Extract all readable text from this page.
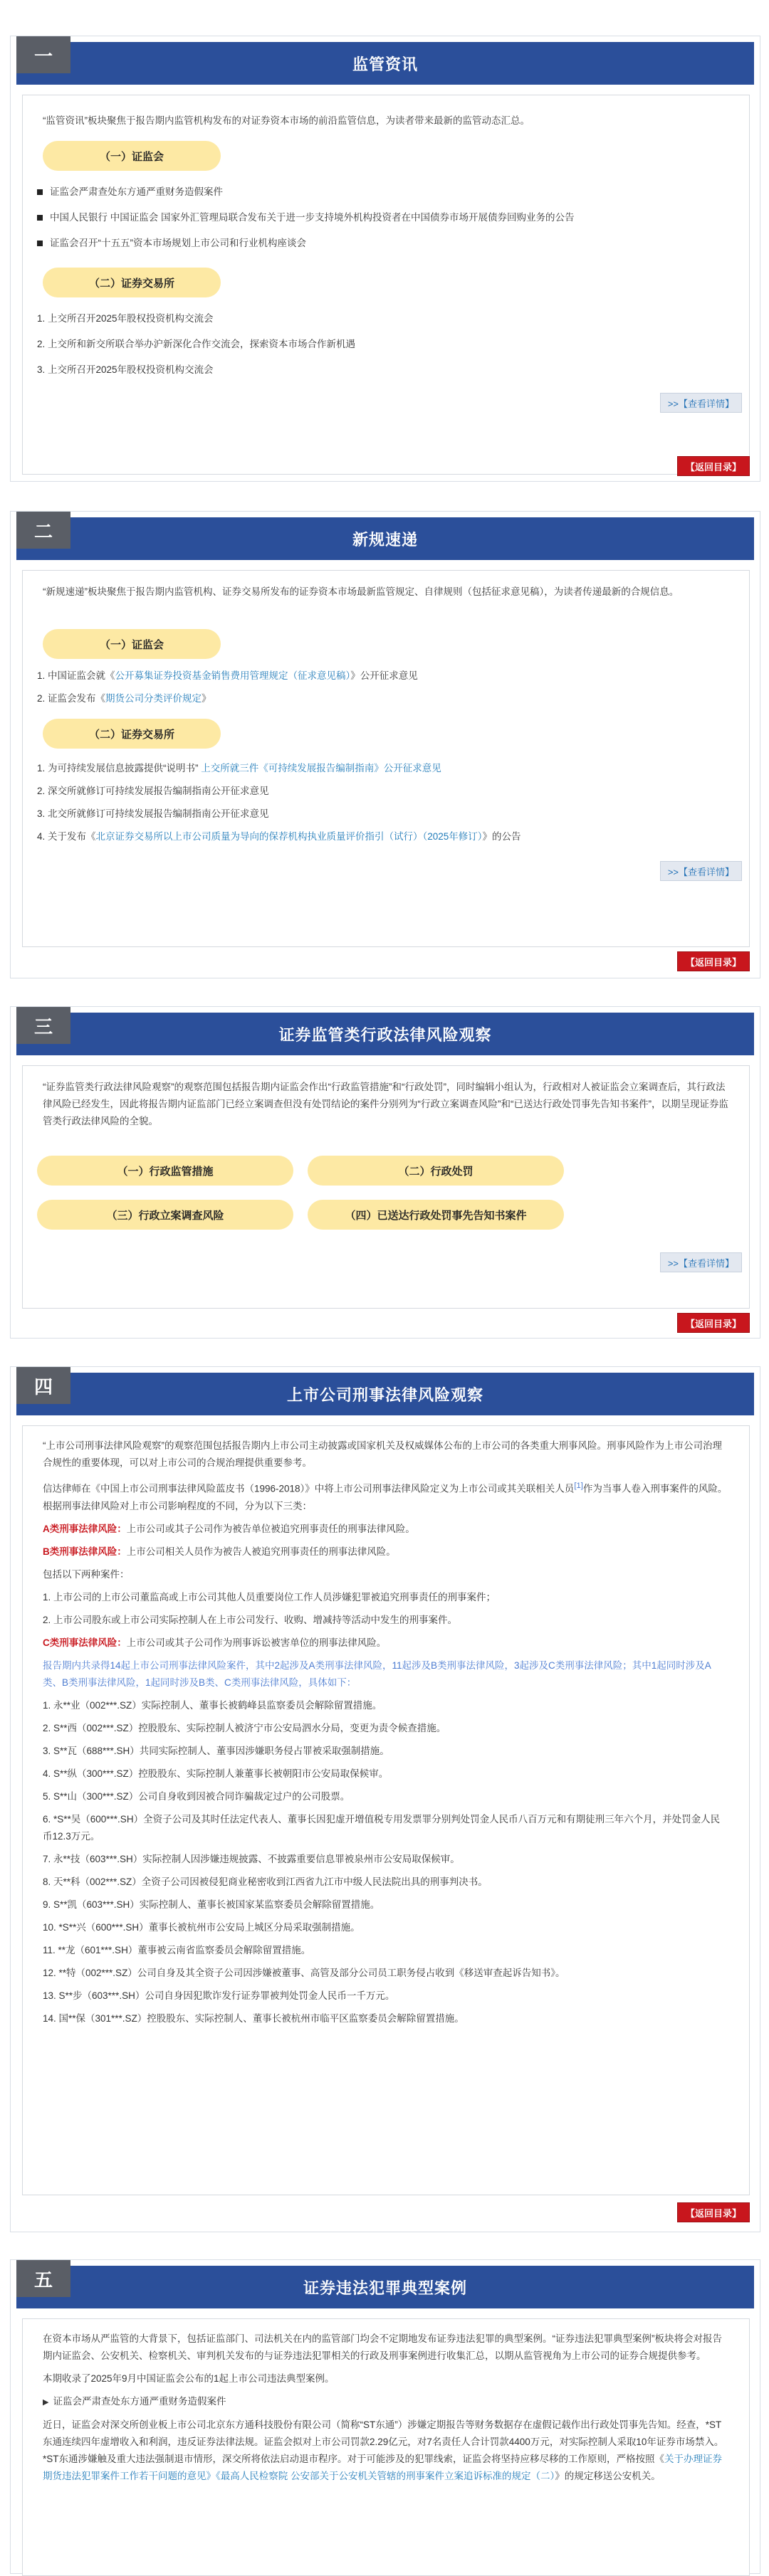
一	监管资讯

“监管资讯”板块聚焦于报告期内监管机构发布的对证券资本市场的前沿监管信息，为读者带来最新的监管动态汇总。

（一）证监会
证监会严肃查处东方通严重财务造假案件
中国人民银行 中国证监会 国家外汇管理局联合发布关于进一步支持境外机构投资者在中国债券市场开展债券回购业务的公告
证监会召开“十五五”资本市场规划上市公司和行业机构座谈会
（二）证券交易所
1. 上交所召开2025年股权投资机构交流会
2. 上交所和新交所联合举办沪新深化合作交流会，探索资本市场合作新机遇
3. 上交所召开2025年股权投资机构交流会
>>【查看详情】
【返回目录】
二	新规速递

“新规速递”板块聚焦于报告期内监管机构、证券交易所发布的证券资本市场最新监管规定、自律规则（包括征求意见稿），为读者传递最新的合规信息。

（一）证监会
1. 中国证监会就《公开募集证券投资基金销售费用管理规定（征求意见稿）》公开征求意见
2. 证监会发布《期货公司分类评价规定》
（二）证券交易所
1. 为可持续发展信息披露提供“说明书” 上交所就三件《可持续发展报告编制指南》公开征求意见
2. 深交所就修订可持续发展报告编制指南公开征求意见
3. 北交所就修订可持续发展报告编制指南公开征求意见
4. 关于发布《北京证券交易所以上市公司质量为导向的保荐机构执业质量评价指引（试行）（2025年修订）》的公告
>>【查看详情】
【返回目录】
三	证券监管类行政法律风险观察

“证券监管类行政法律风险观察”的观察范围包括报告期内证监会作出“行政监管措施”和“行政处罚”，同时编辑小组认为，行政相对人被证监会立案调查后，其行政法律风险已经发生，因此将报告期内证监部门已经立案调查但没有处罚结论的案件分别列为“行政立案调查风险”和“已送达行政处罚事先告知书案件”，以期呈现证券监管类行政法律风险的全貌。

（一）行政监管措施	（二）行政处罚
（三）行政立案调查风险	（四）已送达行政处罚事先告知书案件
>>【查看详情】
【返回目录】
四	上市公司刑事法律风险观察

“上市公司刑事法律风险观察”的观察范围包括报告期内上市公司主动披露或国家机关及权威媒体公布的上市公司的各类重大刑事风险。刑事风险作为上市公司治理合规性的重要体现，可以对上市公司的合规治理提供重要参考。

信达律师在《中国上市公司刑事法律风险蓝皮书（1996-2018）》中将上市公司刑事法律风险定义为上市公司或其关联相关人员[1]作为当事人卷入刑事案件的风险。根据刑事法律风险对上市公司影响程度的不同，分为以下三类：

A类刑事法律风险：上市公司或其子公司作为被告单位被追究刑事责任的刑事法律风险。

B类刑事法律风险：上市公司相关人员作为被告人被追究刑事责任的刑事法律风险。

包括以下两种案件：

1. 上市公司的上市公司董监高或上市公司其他人员重要岗位工作人员涉嫌犯罪被追究刑事责任的刑事案件；

2. 上市公司股东或上市公司实际控制人在上市公司发行、收购、增减持等活动中发生的刑事案件。

C类刑事法律风险：上市公司或其子公司作为刑事诉讼被害单位的刑事法律风险。

报告期内共录得14起上市公司刑事法律风险案件，其中2起涉及A类刑事法律风险，11起涉及B类刑事法律风险，3起涉及C类刑事法律风险；其中1起同时涉及A类、B类刑事法律风险，1起同时涉及B类、C类刑事法律风险，具体如下：

1. 永**业（002***.SZ）实际控制人、董事长被鹤峰县监察委员会解除留置措施。

2. S**西（002***.SZ）控股股东、实际控制人被济宁市公安局泗水分局，变更为责令候查措施。

3. S**瓦（688***.SH）共同实际控制人、董事因涉嫌职务侵占罪被采取强制措施。

4. S**纵（300***.SZ）控股股东、实际控制人兼董事长被朝阳市公安局取保候审。

5. S**山（300***.SZ）公司自身收到因被合同诈骗裁定过户的公司股票。

6. *S**吴（600***.SH）全资子公司及其时任法定代表人、董事长因犯虚开增值税专用发票罪分别判处罚金人民币八百万元和有期徒刑三年六个月，并处罚金人民币12.3万元。

7. 永**技（603***.SH）实际控制人因涉嫌违规披露、不披露重要信息罪被泉州市公安局取保候审。

8. 天**科（002***.SZ）全资子公司因被侵犯商业秘密收到江西省九江市中级人民法院出具的刑事判决书。

9. S**凯（603***.SH）实际控制人、董事长被国家某监察委员会解除留置措施。

10. *S**兴（600***.SH）董事长被杭州市公安局上城区分局采取强制措施。

11. **龙（601***.SH）董事被云南省监察委员会解除留置措施。

12. **特（002***.SZ）公司自身及其全资子公司因涉嫌被董事、高管及部分公司员工职务侵占收到《移送审查起诉告知书》。

13. S**步（603***.SH）公司自身因犯欺诈发行证券罪被判处罚金人民币一千万元。

14. 国**保（301***.SZ）控股股东、实际控制人、董事长被杭州市临平区监察委员会解除留置措施。

【返回目录】
五	证券违法犯罪典型案例

在资本市场从严监管的大背景下，包括证监部门、司法机关在内的监管部门均会不定期地发布证券违法犯罪的典型案例。“证券违法犯罪典型案例”板块将会对报告期内证监会、公安机关、检察机关、审判机关发布的与证券违法犯罪相关的行政及刑事案例进行收集汇总，以期从监管视角为上市公司的证券合规提供参考。

本期收录了2025年9月中国证监会公布的1起上市公司违法典型案例。

▶ 证监会严肃查处东方通严重财务造假案件

近日，证监会对深交所创业板上市公司北京东方通科技股份有限公司（简称“ST东通”）涉嫌定期报告等财务数据存在虚假记载作出行政处罚事先告知。经查，*ST东通连续四年虚增收入和利润，违反证券法律法规。证监会拟对上市公司罚款2.29亿元，对7名责任人合计罚款4400万元，对实际控制人采取10年证券市场禁入。*ST东通涉嫌触及重大违法强制退市情形，深交所将依法启动退市程序。对于可能涉及的犯罪线索，证监会将坚持应移尽移的工作原则，严格按照《关于办理证券期货违法犯罪案件工作若干问题的意见》《最高人民检察院 公安部关于公安机关管辖的刑事案件立案追诉标准的规定（二）》的规定移送公安机关。
